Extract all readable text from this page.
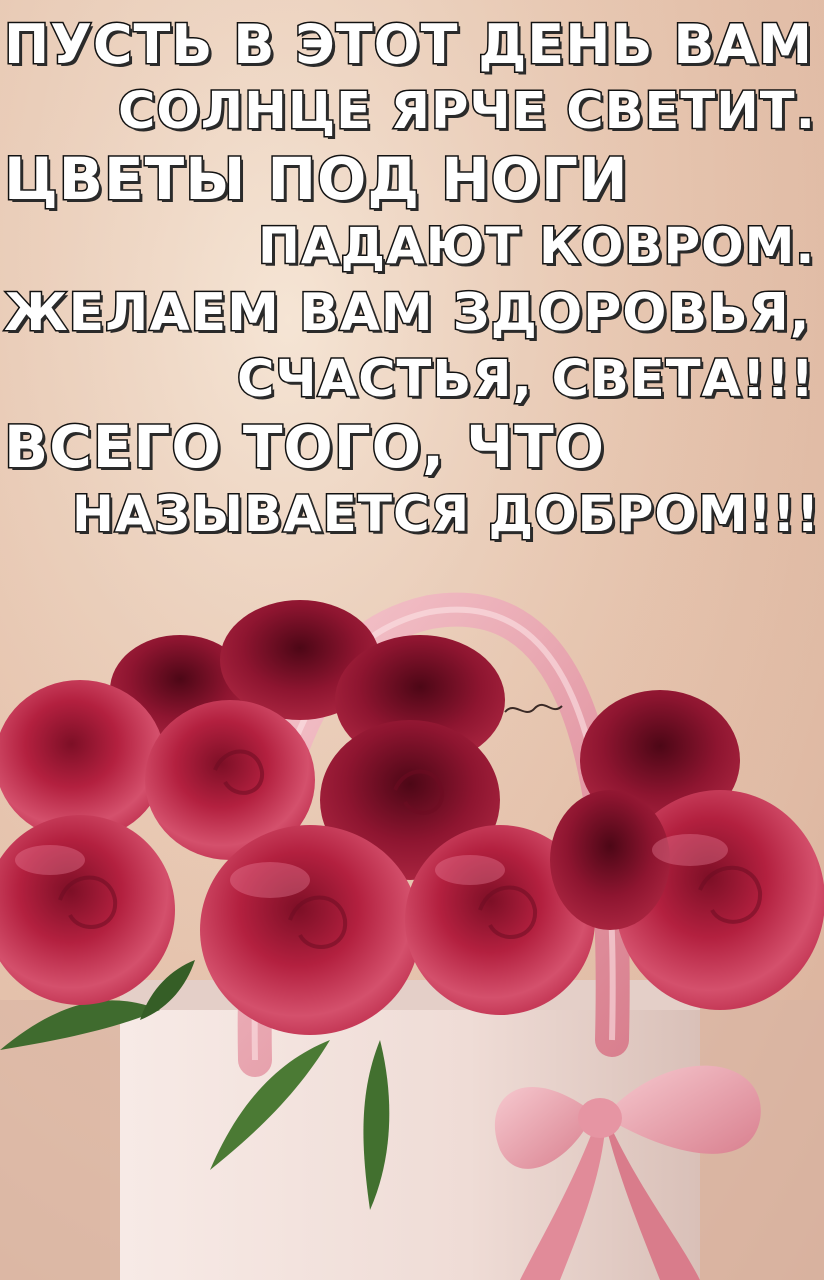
ПУСТЬ В ЭТОТ ДЕНЬ ВАМ

СОЛНЦЕ ЯРЧЕ СВЕТИТ.

ЦВЕТЫ ПОД НОГИ

ПАДАЮТ КОВРОМ.

ЖЕЛАЕМ ВАМ ЗДОРОВЬЯ,

СЧАСТЬЯ, СВЕТА!!!

ВСЕГО ТОГО, ЧТО

НАЗЫВАЕТСЯ ДОБРОМ!!!
